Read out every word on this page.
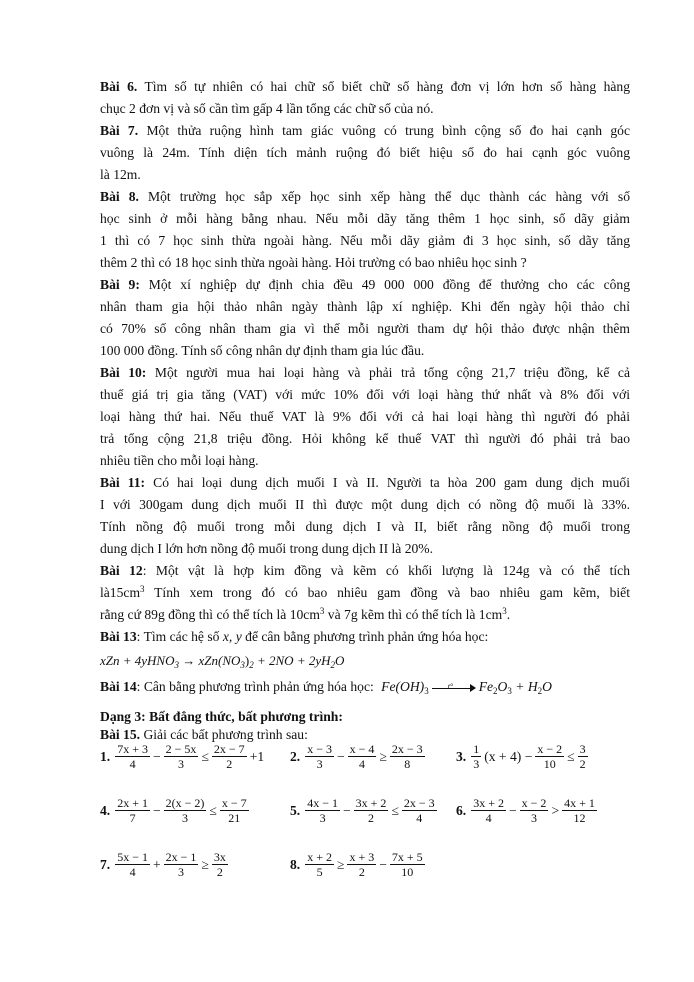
Bài 6. Tìm số tự nhiên có hai chữ số biết chữ số hàng đơn vị lớn hơn số hàng hàng
chục 2 đơn vị và số cần tìm gấp 4 lần tổng các chữ số của nó.
Bài 7. Một thửa ruộng hình tam giác vuông có trung bình cộng số đo hai cạnh góc
vuông là 24m. Tính diện tích mảnh ruộng đó biết hiệu số đo hai cạnh góc vuông
là 12m.
Bài 8. Một trường học sắp xếp học sinh xếp hàng thể dục thành các hàng với số
học sinh ở mỗi hàng bằng nhau. Nếu mỗi dãy tăng thêm 1 học sinh, số dãy giảm
1 thì có 7 học sinh thừa ngoài hàng. Nếu mỗi dãy giảm đi 3 học sinh, số dãy tăng
thêm 2 thì có 18 học sinh thừa ngoài hàng. Hỏi trường có bao nhiêu học sinh ?
Bài 9: Một xí nghiệp dự định chia đều 49 000 000 đồng để thưởng cho các công
nhân tham gia hội thảo nhân ngày thành lập xí nghiệp. Khi đến ngày hội thảo chỉ
có 70% số công nhân tham gia vì thế mỗi người tham dự hội thảo được nhận thêm
100 000 đồng. Tính số công nhân dự định tham gia lúc đầu.
Bài 10: Một người mua hai loại hàng và phải trả tổng cộng 21,7 triệu đồng, kể cả
thuế giá trị gia tăng (VAT) với mức 10% đối với loại hàng thứ nhất và 8% đối với
loại hàng thứ hai. Nếu thuế VAT là 9% đối với cả hai loại hàng thì người đó phải
trả tổng cộng 21,8 triệu đồng. Hỏi không kể thuế VAT thì người đó phải trả bao
nhiêu tiền cho mỗi loại hàng.
Bài 11: Có hai loại dung dịch muối I và II. Người ta hòa 200 gam dung dịch muối
I với 300gam dung dịch muối II thì được một dung dịch có nồng độ muối là 33%.
Tính nồng độ muối trong mỗi dung dịch I và II, biết rằng nồng độ muối trong
dung dịch I lớn hơn nồng độ muối trong dung dịch II là 20%.
Bài 12: Một vật là hợp kim đồng và kẽm có khối lượng là 124g và có thể tích
$là15cm^3$ Tính xem trong đó có bao nhiêu gam đồng và bao nhiêu gam kẽm, biết
rằng cứ 89g đồng thì có thể tích là $10cm^3$ và 7g kẽm thì có thể tích là $1cm^3$.
Bài 13: Tìm các hệ số x, y để cân bằng phương trình phản ứng hóa học:
xZn + 4yHNO$_3$ → $xZn(NO_3)_2 + 2NO + 2yH_2O$
Bài 14: Cân bằng phương trình phản ứng hóa học: $Fe(OH)_3$ t° $Fe_2O_3 + H_2O$
Dạng 3: Bất đẳng thức, bất phương trình:
Bài 15. Giải các bất phương trình sau:
1. $\frac{7x + 3}{4} - \frac{2 - 5x}{3} \le \frac{2x - 7}{2} +1$ 2. $\frac{x - 3}{3} - \frac{x - 4}{4} \ge \frac{2x - 3}{8} 3$. $\frac{1}{3} (x + 4) - \frac{x - 2}{10} \le \frac{3}{2}$
4. $\frac{2x + 1}{7} - \frac{2(x - 2)}{3} \le \frac{x - 7}{21}$	5. $\frac{4x - 1}{3} - \frac{3x + 2}{2} \le \frac{2x - 3}{4} 6$. $\frac{3x + 2}{4} - \frac{x - 2}{3} > \frac{4x + 1}{12}$
7. $\frac{5x - 1}{4} + \frac{2x - 1}{3} \ge \frac{3x}{2}$	8. $\frac{x + 2}{5} \ge \frac{x + 3}{2} - \frac{7x + 5}{10}$
